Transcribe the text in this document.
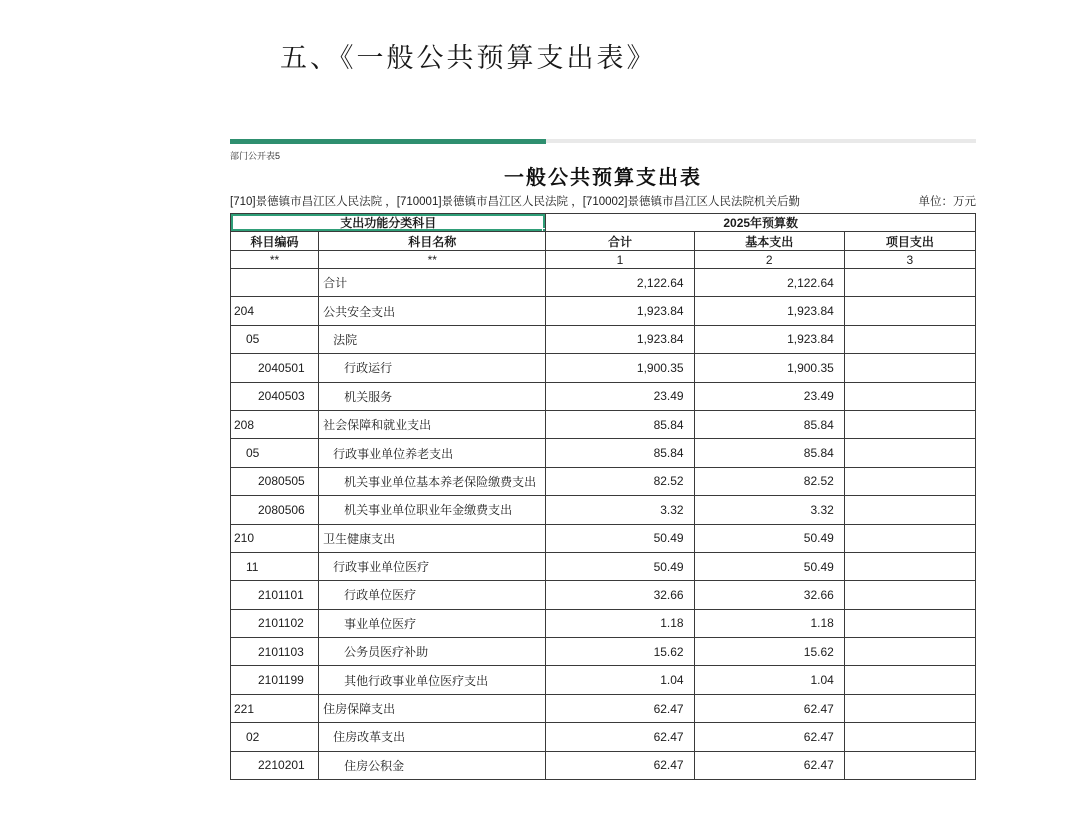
五、《一般公共预算支出表》
部门公开表5
一般公共预算支出表
[710]景德镇市昌江区人民法院 ，[710001]景德镇市昌江区人民法院 ，[710002]景德镇市昌江区人民法院机关后勤	单位：万元
支出功能分类科目		2025年预算数		
科目编码	科目名称	合计	基本支出	项目支出
**	**	1	2	3
	合计	2,122.64	2,122.64	
204	公共安全支出	1,923.84	1,923.84	
05	法院	1,923.84	1,923.84	
2040501	行政运行	1,900.35	1,900.35	
2040503	机关服务	23.49	23.49	
208	社会保障和就业支出	85.84	85.84	
05	行政事业单位养老支出	85.84	85.84	
2080505	机关事业单位基本养老保险缴费支出	82.52	82.52	
2080506	机关事业单位职业年金缴费支出	3.32	3.32	
210	卫生健康支出	50.49	50.49	
11	行政事业单位医疗	50.49	50.49	
2101101	行政单位医疗	32.66	32.66	
2101102	事业单位医疗	1.18	1.18	
2101103	公务员医疗补助	15.62	15.62	
2101199	其他行政事业单位医疗支出	1.04	1.04	
221	住房保障支出	62.47	62.47	
02	住房改革支出	62.47	62.47	
2210201	住房公积金	62.47	62.47	
